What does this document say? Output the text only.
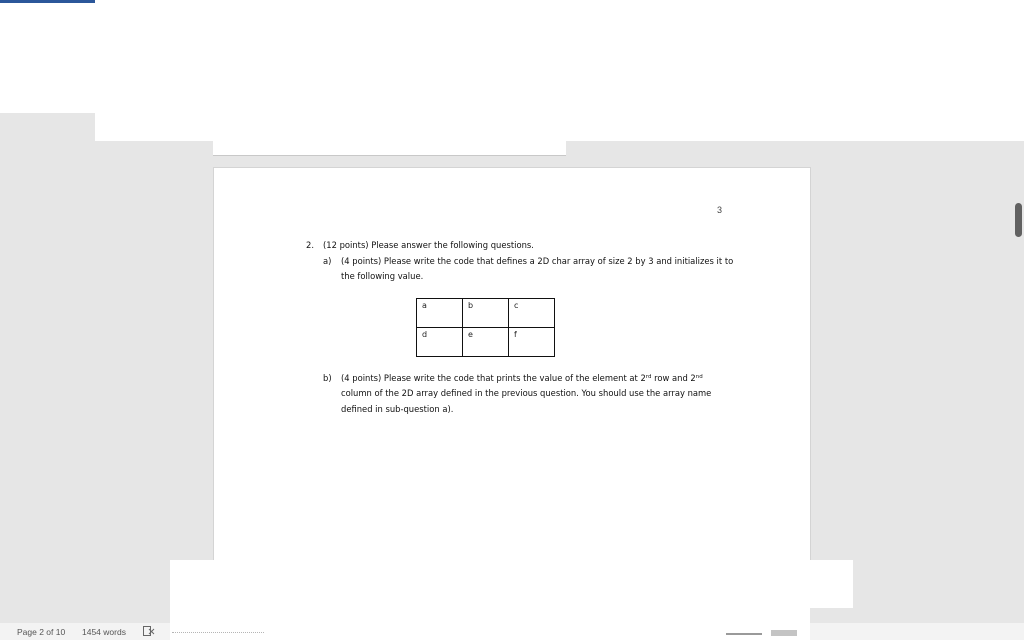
3
2.	(12 points) Please answer the following questions.
a)	(4 points) Please write the code that defines a 2D char array of size 2 by 3 and initializes it to the following value.
b)	(4 points) Please write the code that prints the value of the element at 2rd row and 2nd column of the 2D array defined in the previous question. You should use the array name defined in sub-question a).
a	b	c
d	e	f
Page 2 of 10 1454 words
